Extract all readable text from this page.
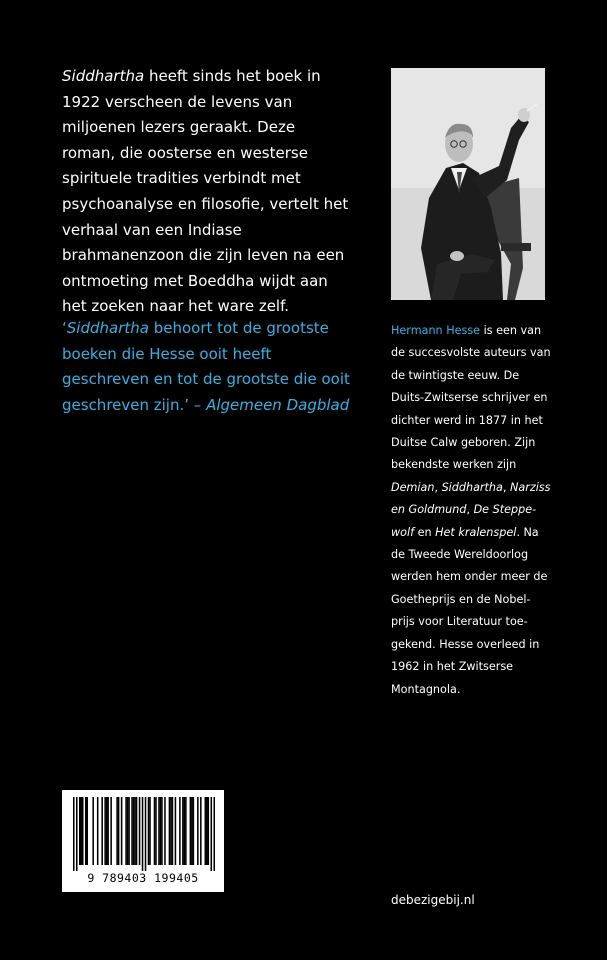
Siddhartha heeft sinds het boek in 1922 verscheen de levens van miljoenen lezers geraakt. Deze roman, die oosterse en westerse spirituele tradities verbindt met psychoanalyse en filosofie, vertelt het verhaal van een Indiase brahmanenzoon die zijn leven na een ontmoeting met Boeddha wijdt aan het zoeken naar het ware zelf.

‘Siddhartha behoort tot de grootste boeken die Hesse ooit heeft geschreven en tot de grootste die ooit geschreven zijn.’ – Algemeen Dagblad

Hermann Hesse is een van de succesvolste auteurs van de twintigste eeuw. De Duits-Zwitserse schrijver en dichter werd in 1877 in het Duitse Calw geboren. Zijn bekendste werken zijn Demian, Siddhartha, Narziss en Goldmund, De Steppe-wolf en Het kralenspel. Na de Tweede Wereldoorlog werden hem onder meer de Goetheprijs en de Nobel-prijs voor Literatuur toe-gekend. Hesse overleed in 1962 in het Zwitserse Montagnola.

9 789403 199405
debezigebij.nl
